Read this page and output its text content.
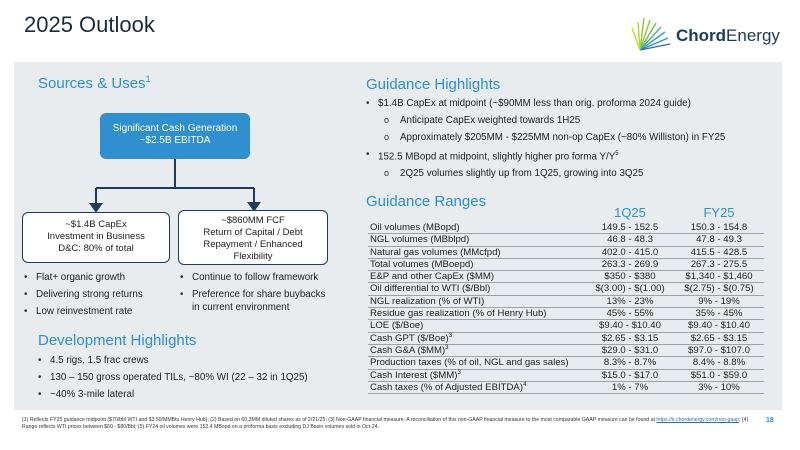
2025 Outlook	ChordEnergy
Sources & Uses$^1$
Significant Cash Generation
~$2.5B EBITDA
~$1.4B CapEx
Investment in Business
D&C: 80% of total
~$860MM FCF
Return of Capital / Debt
Repayment / Enhanced
Flexibility
• Flat+ organic growth
• Delivering strong returns
• Low reinvestment rate
• Continue to follow framework
• Preference for share buybacks in current environment
Development Highlights
• 4.5 rigs, 1.5 frac crews
• 130 – 150 gross operated TILs, ~80% WI (22 – 32 in 1Q25)
• ~40% 3-mile lateral
Guidance Highlights
• $1.4B CapEx at midpoint (~$90MM less than orig. proforma 2024 guide)
o Anticipate CapEx weighted towards 1H25
o Approximately $205MM - $225MM non-op CapEx (~80% Williston) in FY25
• 152.5 MBopd at midpoint, slightly higher pro forma $Y/Y^5$
o 2Q25 volumes slightly up from 1Q25, growing into 3Q25
Guidance Ranges
	1Q25	FY25
Oil volumes (MBopd)	149.5 - 152.5	150.3 - 154.8
NGL volumes (MBblpd)	46.8 - 48.3	47.8 - 49.3
Natural gas volumes (MMcfpd)	402.0 - 415.0	415.5 - 428.5
Total volumes (MBoepd)	263.3 - 269.9	267.3 - 275.5
E&P and other CapEx ($MM)	$350 - $380	$1,340 - $1,460
Oil differential to WTI ($/Bbl)	$(3.00) - $(1.00)	$(2.75) - $(0.75)
NGL realization (% of WTI)	13% - 23%	9% - 19%
Residue gas realization (% of Henry Hub)	45% - 55%	35% - 45%
LOE ($/Boe)	$9.40 - $10.40	$9.40 - $10.40
Cash GPT ($/Boe)$^3$	$2.65 - $3.15	$2.65 - $3.15
Cash G&A ($MM)$^3$	$29.0 - $31.0	$97.0 - $107.0
Production taxes (% of oil, NGL and gas sales)	8.3% - 8.7%	8.4% - 8.8%
Cash Interest ($MM)$^3$	$15.0 - $17.0	$51.0 - $59.0
Cash taxes (% of Adjusted EBITDA)$^4$	1% - 7%	3% - 10%
(1) Reflects FY25 guidance midpoint ($70/bbl WTI and $3.50/MMBtu Henry Hub); (2) Based on 60.3MM diluted shares as of 2/21/25; (3) Non-GAAP financial measure. A reconciliation of this non-GAAP financial measure to the most comparable GAAP measure can be found at https://ir.chordenergy.com/non-gaap; (4) Range reflects WTI prices between $60 - $80/Bbl; (5) FY24 oil volumes were 152.4 MBopd on a proforma basis excluding DJ Basin volumes sold in Oct-24.
18
